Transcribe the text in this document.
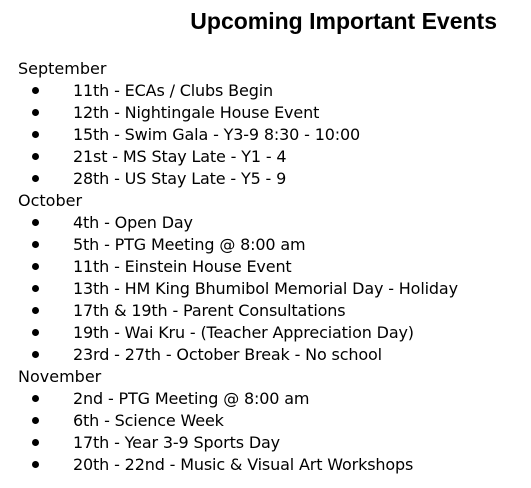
Upcoming Important Events
September
11th - ECAs / Clubs Begin
12th - Nightingale House Event
15th - Swim Gala - Y3-9 8:30 - 10:00
21st - MS Stay Late - Y1 - 4
28th - US Stay Late - Y5 - 9
October
4th - Open Day
5th - PTG Meeting @ 8:00 am
11th - Einstein House Event
13th - HM King Bhumibol Memorial Day - Holiday
17th & 19th - Parent Consultations
19th - Wai Kru - (Teacher Appreciation Day)
23rd - 27th - October Break - No school
November
2nd - PTG Meeting @ 8:00 am
6th - Science Week
17th - Year 3-9 Sports Day
20th - 22nd - Music & Visual Art Workshops
